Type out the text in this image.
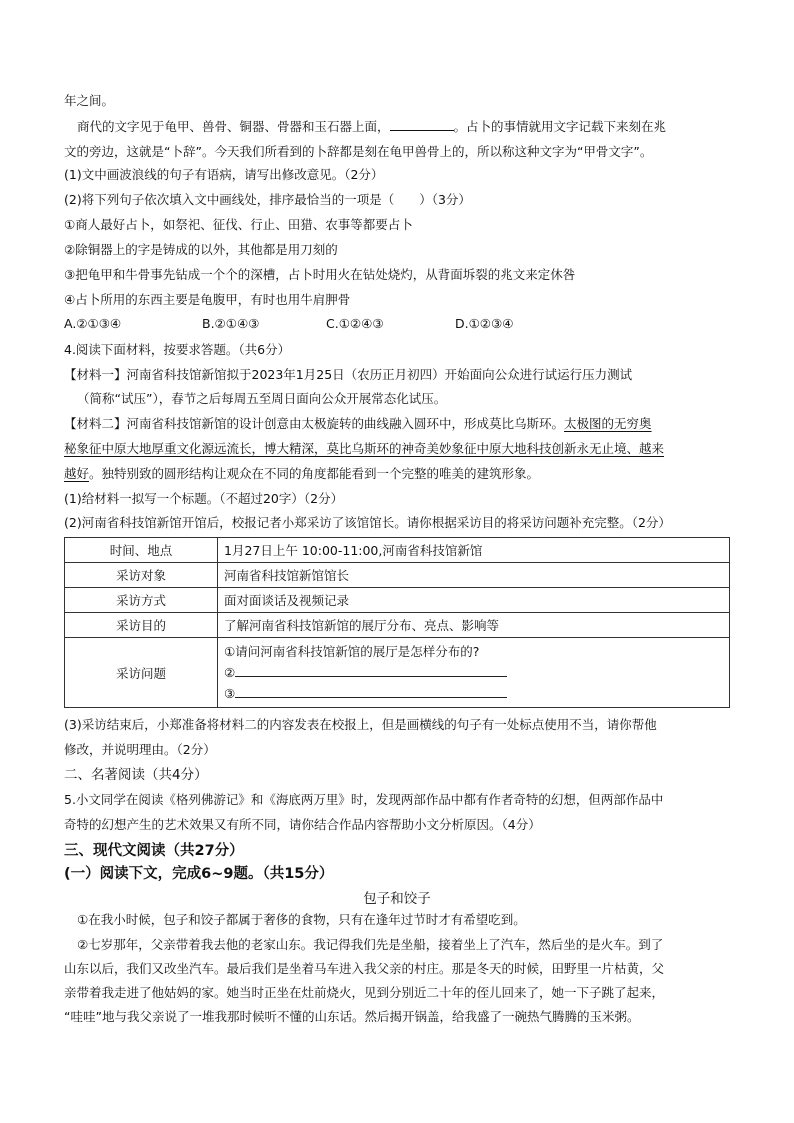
年之间。
商代的文字见于龟甲、兽骨、铜器、骨器和玉石器上面，	。占卜的事情就用文字记载下来刻在兆
文的旁边，这就是“卜辞”。今天我们所看到的卜辞都是刻在龟甲兽骨上的，所以称这种文字为“甲骨文字”。
(1)文中画波浪线的句子有语病，请写出修改意见。（2分）
(2)将下列句子依次填入文中画线处，排序最恰当的一项是（　　）（3分）
①商人最好占卜，如祭祀、征伐、行止、田猎、农事等都要占卜
②除铜器上的字是铸成的以外，其他都是用刀刻的
③把龟甲和牛骨事先钻成一个个的深槽，占卜时用火在钻处烧灼，从背面坼裂的兆文来定休咎
④占卜所用的东西主要是龟腹甲，有时也用牛肩胛骨
A.②①③④	B.②①④③	C.①②④③	D.①②③④
4.阅读下面材料，按要求答题。（共6分）
【材料一】河南省科技馆新馆拟于2023年1月25日（农历正月初四）开始面向公众进行试运行压力测试
（简称“试压”），春节之后每周五至周日面向公众开展常态化试压。
【材料二】河南省科技馆新馆的设计创意由太极旋转的曲线融入圆环中，形成莫比乌斯环。太极图的无穷奥
秘象征中原大地厚重文化源远流长，博大精深，莫比乌斯环的神奇美妙象征中原大地科技创新永无止境、越来
越好。独特别致的圆形结构让观众在不同的角度都能看到一个完整的唯美的建筑形象。
(1)给材料一拟写一个标题。（不超过20字）（2分）
(2)河南省科技馆新馆开馆后，校报记者小郑采访了该馆馆长。请你根据采访目的将采访问题补充完整。（2分）
时间、地点	1月27日上午 10:00-11:00,河南省科技馆新馆
采访对象	河南省科技馆新馆馆长
采访方式	面对面谈话及视频记录
采访目的	了解河南省科技馆新馆的展厅分布、亮点、影响等
采访问题	①请问河南省科技馆新馆的展厅是怎样分布的?
②
③
(3)采访结束后，小郑准备将材料二的内容发表在校报上，但是画横线的句子有一处标点使用不当，请你帮他
修改，并说明理由。（2分）
二、名著阅读（共4分）
5.小文同学在阅读《格列佛游记》和《海底两万里》时，发现两部作品中都有作者奇特的幻想，但两部作品中
奇特的幻想产生的艺术效果又有所不同，请你结合作品内容帮助小文分析原因。（4分）
三、现代文阅读（共27分）
(一）阅读下文，完成6~9题。（共15分）
包子和饺子
①在我小时候，包子和饺子都属于奢侈的食物，只有在逢年过节时才有希望吃到。
②七岁那年，父亲带着我去他的老家山东。我记得我们先是坐船，接着坐上了汽车，然后坐的是火车。到了
山东以后，我们又改坐汽车。最后我们是坐着马车进入我父亲的村庄。那是冬天的时候，田野里一片枯黄，父
亲带着我走进了他姑妈的家。她当时正坐在灶前烧火，见到分别近二十年的侄儿回来了，她一下子跳了起来，
“哇哇”地与我父亲说了一堆我那时候听不懂的山东话。然后揭开锅盖，给我盛了一碗热气腾腾的玉米粥。
